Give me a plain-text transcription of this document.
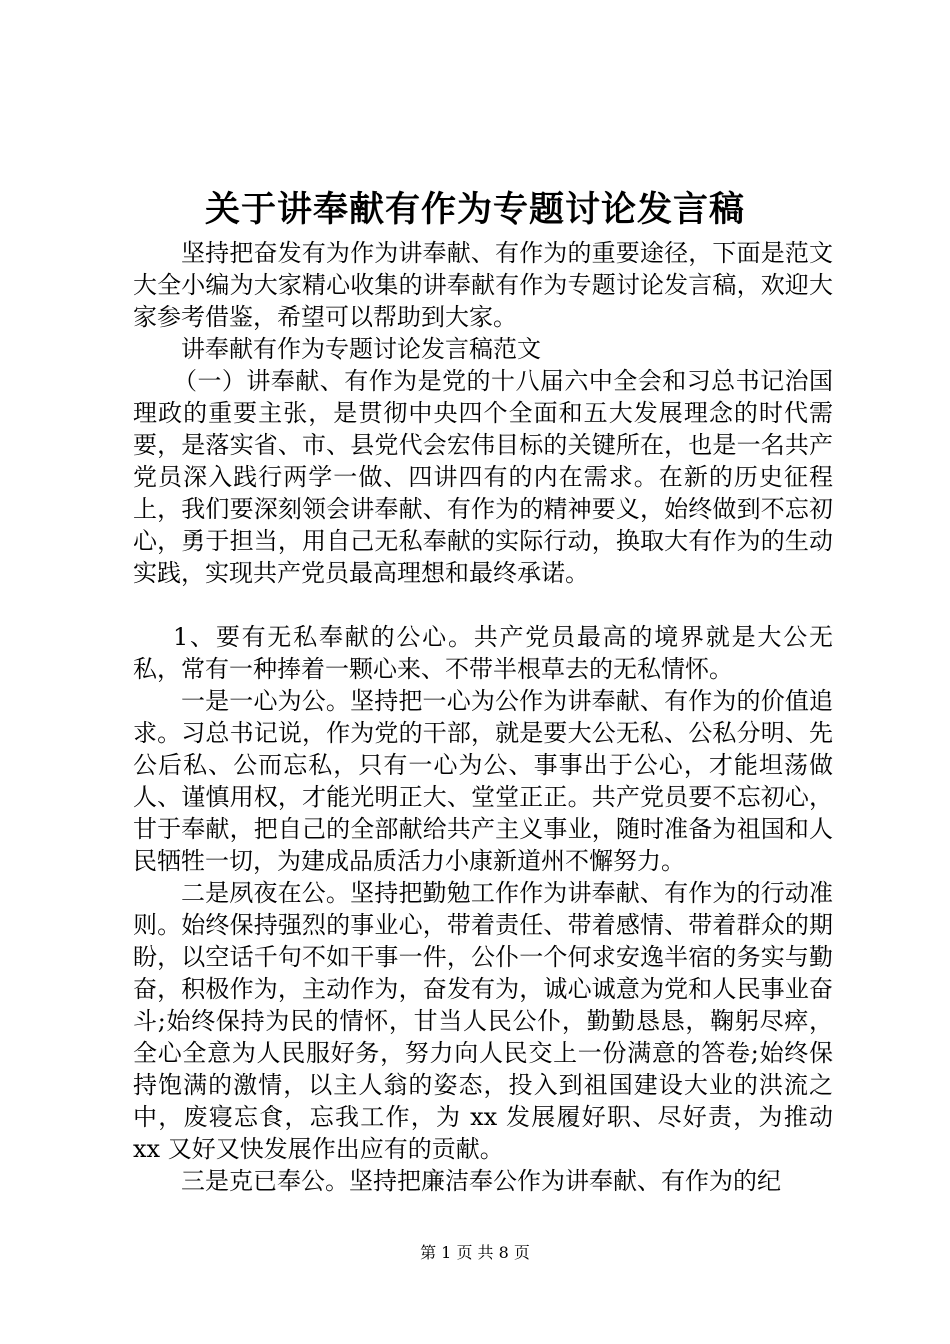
关于讲奉献有作为专题讨论发言稿

坚持把奋发有为作为讲奉献、有作为的重要途径，下面是范文大全小编为大家精心收集的讲奉献有作为专题讨论发言稿，欢迎大家参考借鉴，希望可以帮助到大家。

讲奉献有作为专题讨论发言稿范文

（一）讲奉献、有作为是党的十八届六中全会和习总书记治国理政的重要主张，是贯彻中央四个全面和五大发展理念的时代需要，是落实省、市、县党代会宏伟目标的关键所在，也是一名共产党员深入践行两学一做、四讲四有的内在需求。在新的历史征程上，我们要深刻领会讲奉献、有作为的精神要义，始终做到不忘初心，勇于担当，用自己无私奉献的实际行动，换取大有作为的生动实践，实现共产党员最高理想和最终承诺。

1、要有无私奉献的公心。共产党员最高的境界就是大公无私，常有一种捧着一颗心来、不带半根草去的无私情怀。

一是一心为公。坚持把一心为公作为讲奉献、有作为的价值追求。习总书记说，作为党的干部，就是要大公无私、公私分明、先公后私、公而忘私，只有一心为公、事事出于公心，才能坦荡做人、谨慎用权，才能光明正大、堂堂正正。共产党员要不忘初心，甘于奉献，把自己的全部献给共产主义事业，随时准备为祖国和人民牺牲一切，为建成品质活力小康新道州不懈努力。

二是夙夜在公。坚持把勤勉工作作为讲奉献、有作为的行动准则。始终保持强烈的事业心，带着责任、带着感情、带着群众的期盼，以空话千句不如干事一件，公仆一个何求安逸半宿的务实与勤奋，积极作为，主动作为，奋发有为，诚心诚意为党和人民事业奋斗;始终保持为民的情怀，甘当人民公仆，勤勤恳恳，鞠躬尽瘁，全心全意为人民服好务，努力向人民交上一份满意的答卷;始终保持饱满的激情，以主人翁的姿态，投入到祖国建设大业的洪流之中，废寝忘食，忘我工作，为 xx 发展履好职、尽好责，为推动 xx 又好又快发展作出应有的贡献。

三是克已奉公。坚持把廉洁奉公作为讲奉献、有作为的纪

第 1 页 共 8 页
